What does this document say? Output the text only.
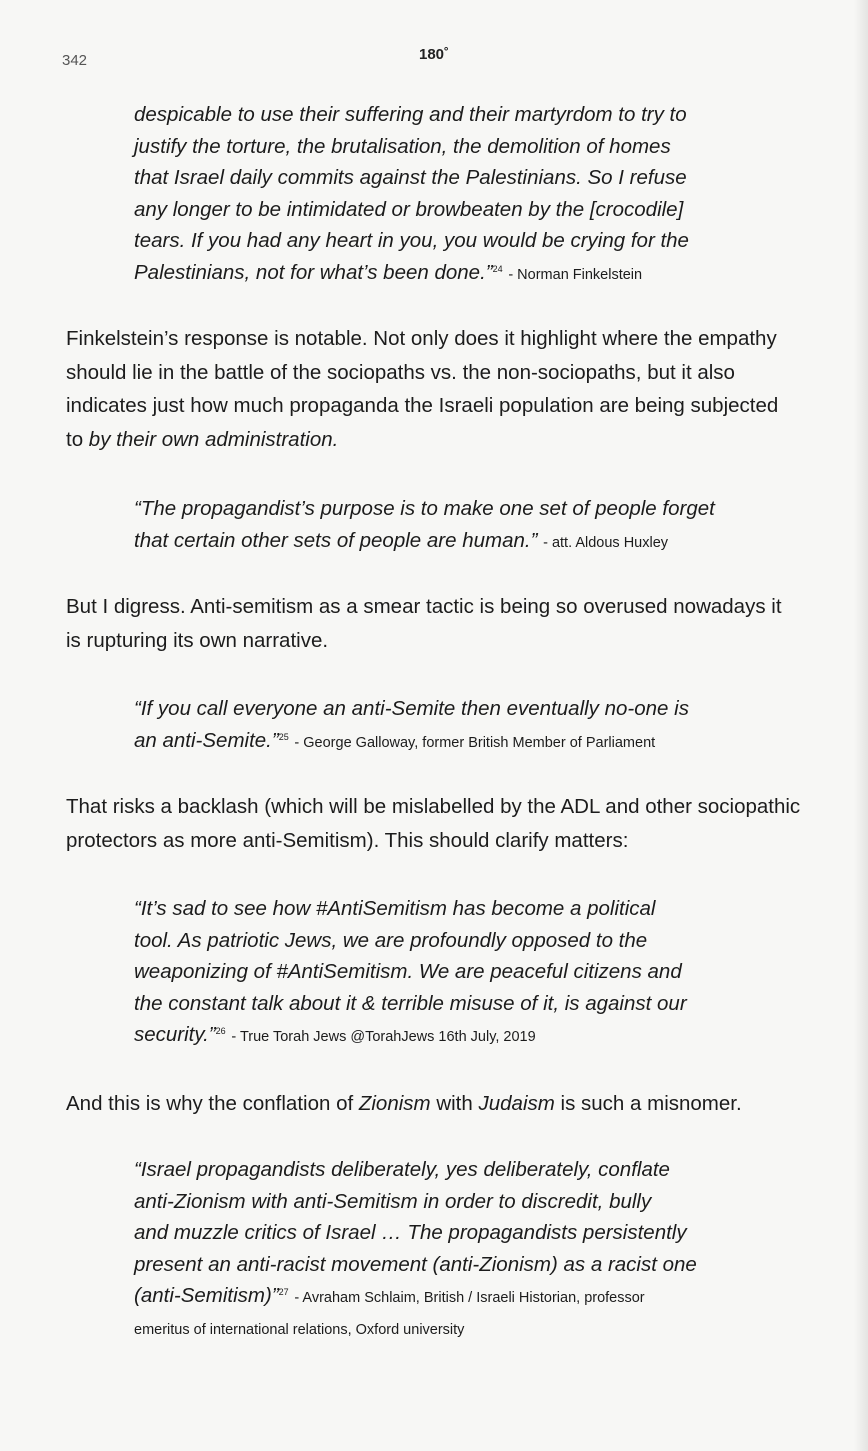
342	180˚
despicable to use their suffering and their martyrdom to try to
justify the torture, the brutalisation, the demolition of homes
that Israel daily commits against the Palestinians. So I refuse
any longer to be intimidated or browbeaten by the [crocodile]
tears. If you had any heart in you, you would be crying for the
Palestinians, not for what’s been done.”$^{24}$ - Norman Finkelstein
Finkelstein’s response is notable. Not only does it highlight where the empathy
should lie in the battle of the sociopaths vs. the non-sociopaths, but it also
indicates just how much propaganda the Israeli population are being subjected
to by their own administration.
“The propagandist’s purpose is to make one set of people forget
that certain other sets of people are human.” - att. Aldous Huxley
But I digress. Anti-semitism as a smear tactic is being so overused nowadays it
is rupturing its own narrative.
“If you call everyone an anti-Semite then eventually no-one is
an anti-Semite.”$^{25}$ - George Galloway, former British Member of Parliament
That risks a backlash (which will be mislabelled by the ADL and other sociopathic
protectors as more anti-Semitism). This should clarify matters:
“It’s sad to see how #AntiSemitism has become a political
tool. As patriotic Jews, we are profoundly opposed to the
weaponizing of #AntiSemitism. We are peaceful citizens and
the constant talk about it & terrible misuse of it, is against our
security.”$^{26}$ - True Torah Jews @TorahJews 16th July, 2019
And this is why the conflation of Zionism with Judaism is such a misnomer.
“Israel propagandists deliberately, yes deliberately, conflate
anti-Zionism with anti-Semitism in order to discredit, bully
and muzzle critics of Israel … The propagandists persistently
present an anti-racist movement (anti-Zionism) as a racist one
(anti-Semitism)”$^{27}$ - Avraham Schlaim, British / Israeli Historian, professor
emeritus of international relations, Oxford university
